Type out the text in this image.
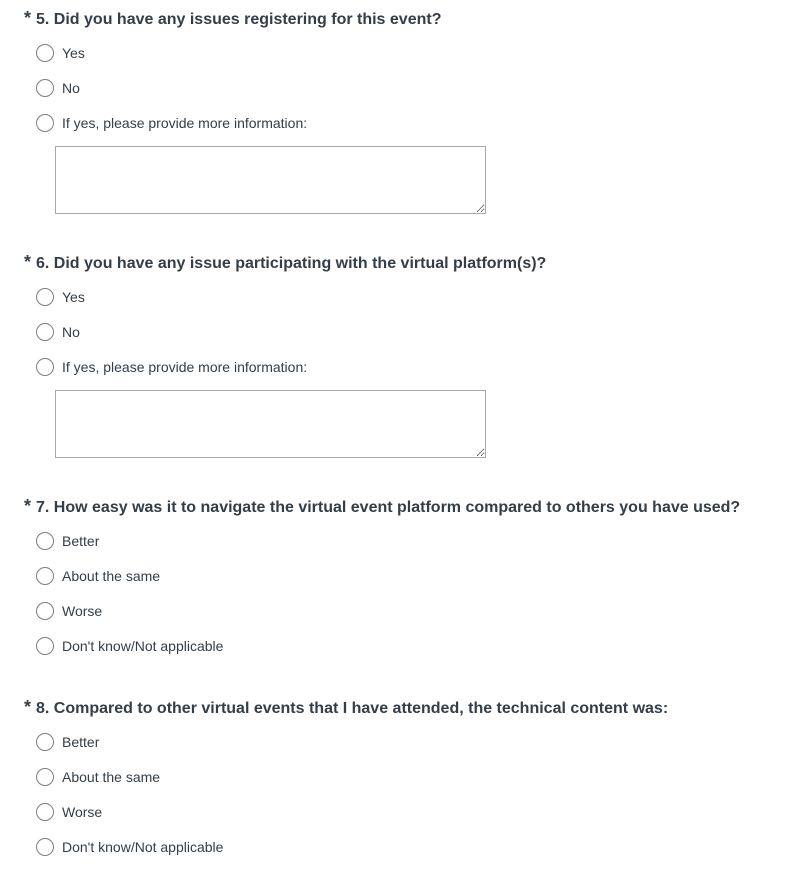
* 5. Did you have any issues registering for this event?
Yes
No
If yes, please provide more information:
* 6. Did you have any issue participating with the virtual platform(s)?
Yes
No
If yes, please provide more information:
* 7. How easy was it to navigate the virtual event platform compared to others you have used?
Better
About the same
Worse
Don't know/Not applicable
* 8. Compared to other virtual events that I have attended, the technical content was:
Better
About the same
Worse
Don't know/Not applicable
